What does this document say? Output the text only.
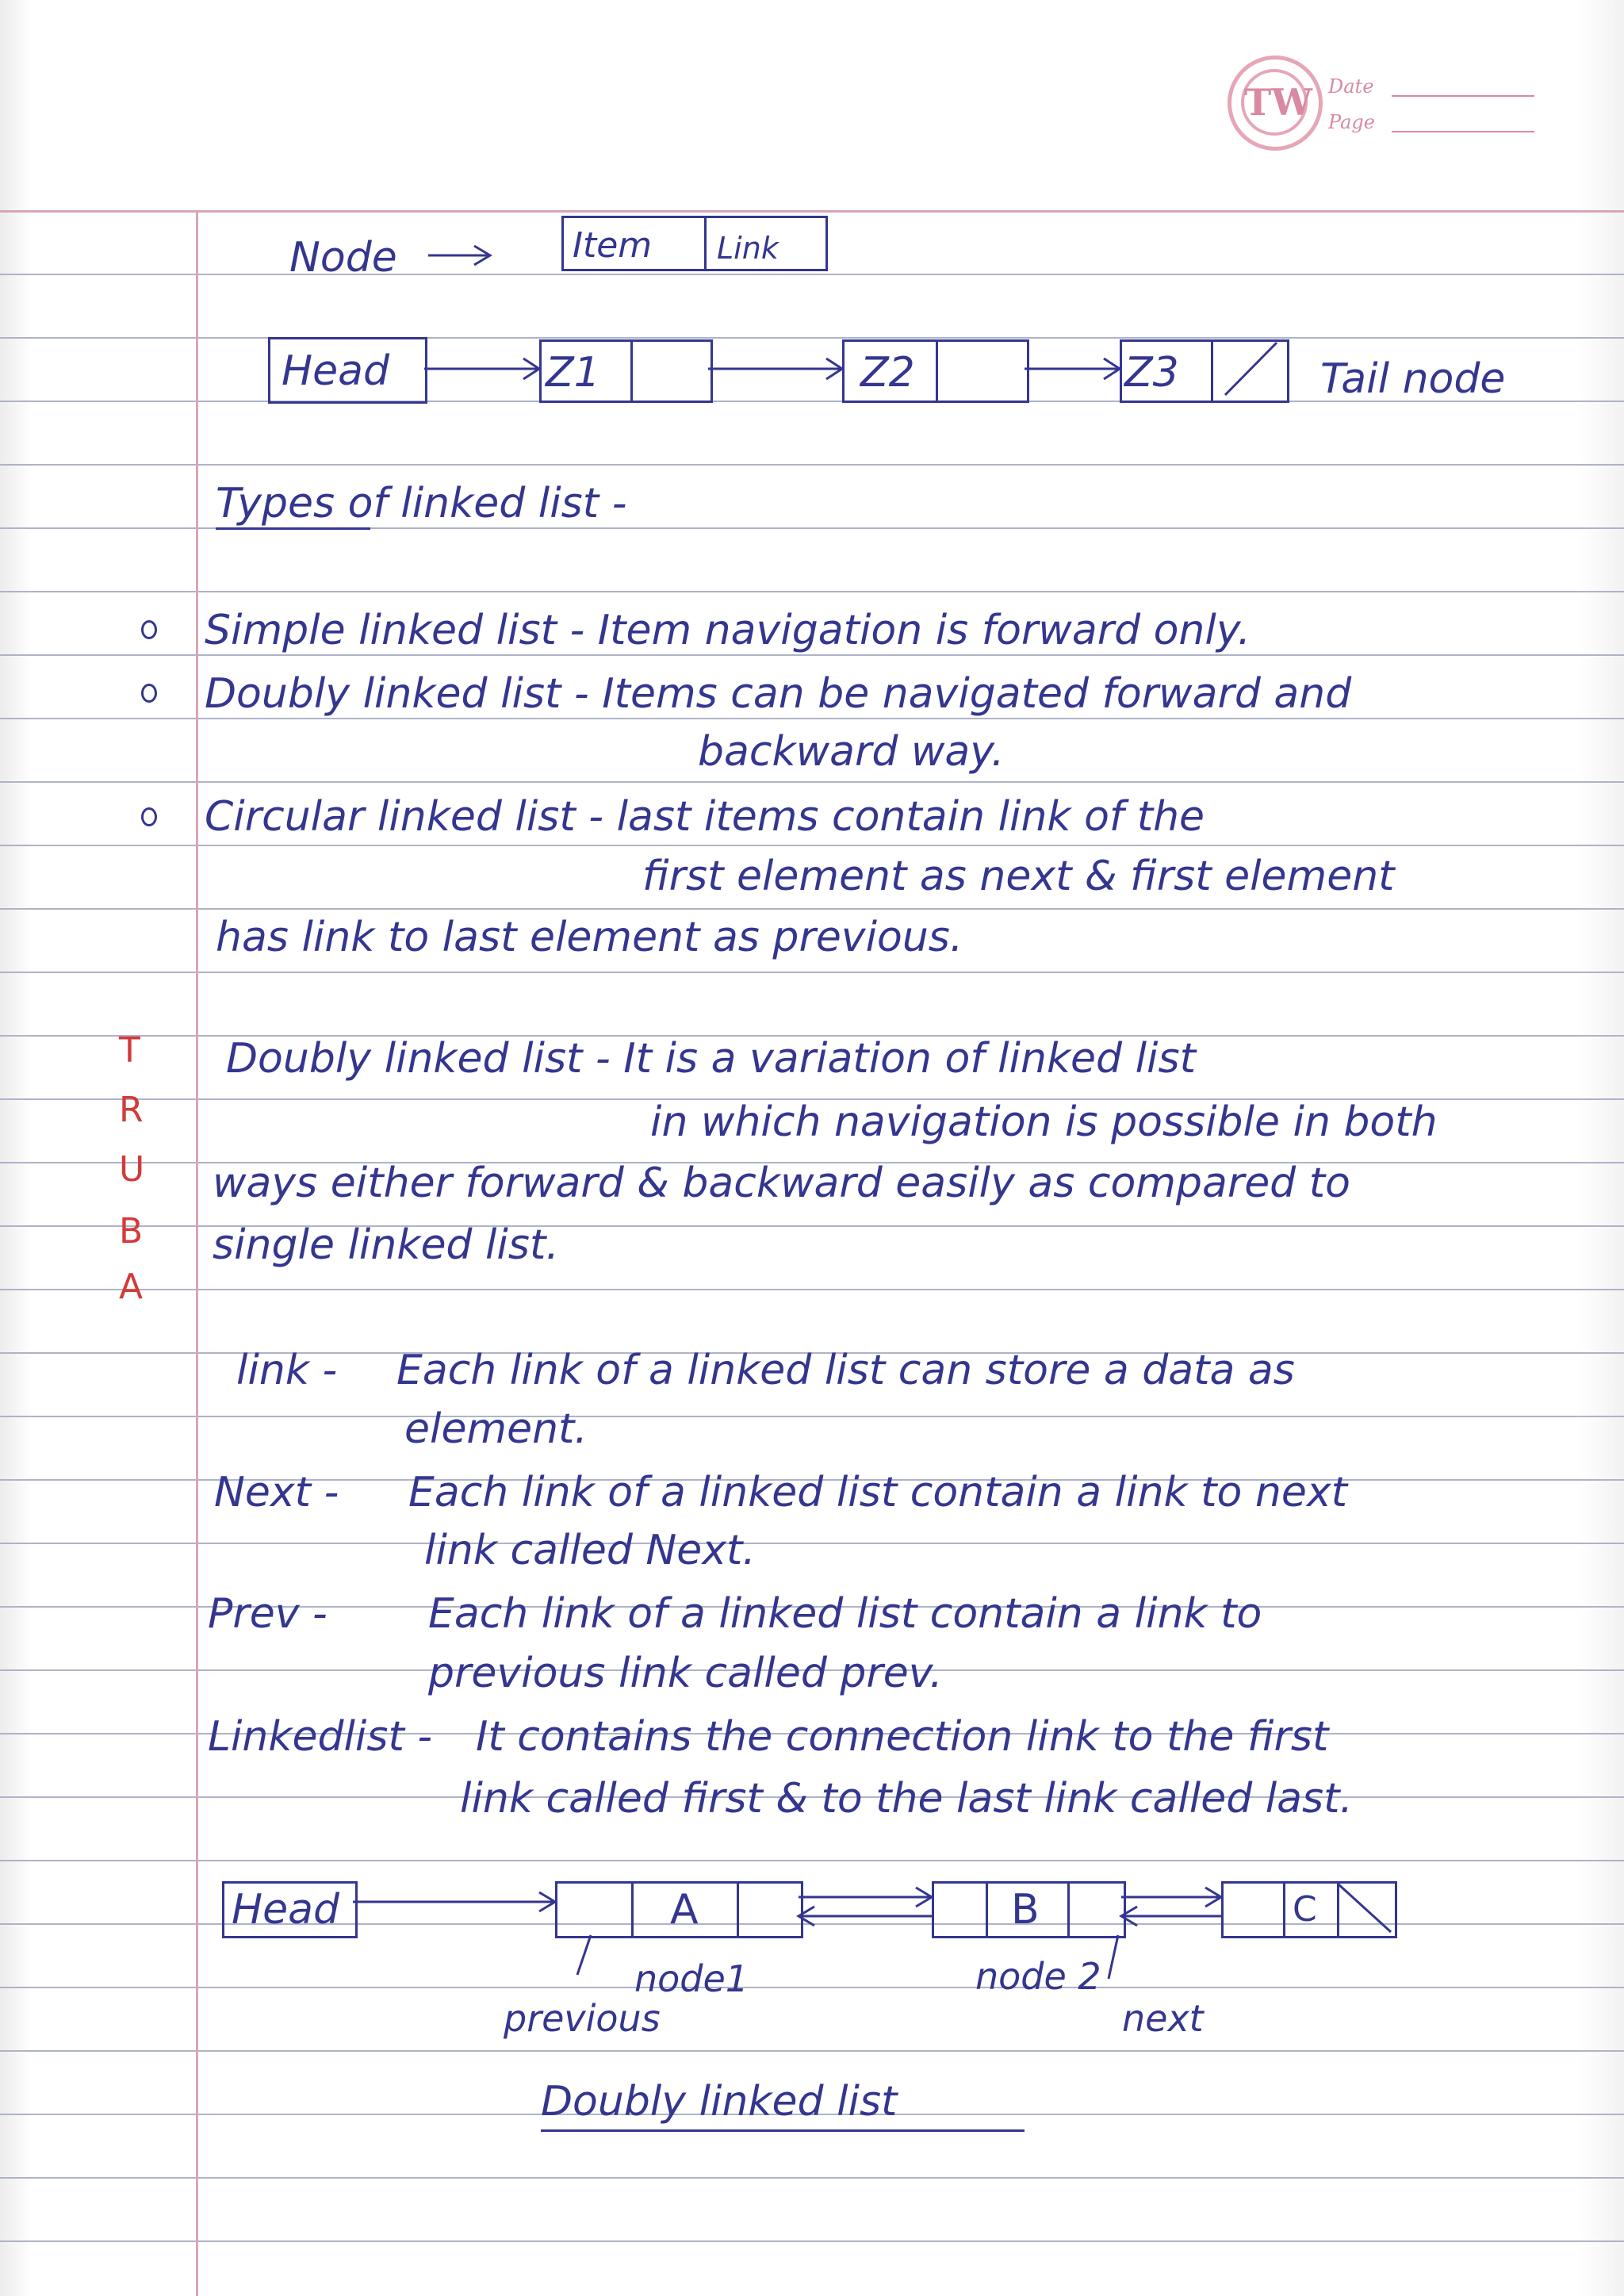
TW Date
Page
Node	Item Link
Head	Z1	Z2	Z3	Tail node
Types of linked list -
Simple linked list - Item navigation is forward only.
Doubly linked list - Items can be navigated forward and
backward way.
Circular linked list - last items contain link of the
first element as next & first element
has link to last element as previous.
T
R
U
B
A
Doubly linked list - It is a variation of linked list
in which navigation is possible in both
ways either forward & backward easily as compared to
single linked list.
link - Each link of a linked list can store a data as
element.
Next - Each link of a linked list contain a link to next
link called Next.
Prev - Each link of a linked list contain a link to
previous link called prev.
Linkedlist - It contains the connection link to the first
link called first & to the last link called last.
Head	A	B	C
node1	node 2
previous	next
Doubly linked list
